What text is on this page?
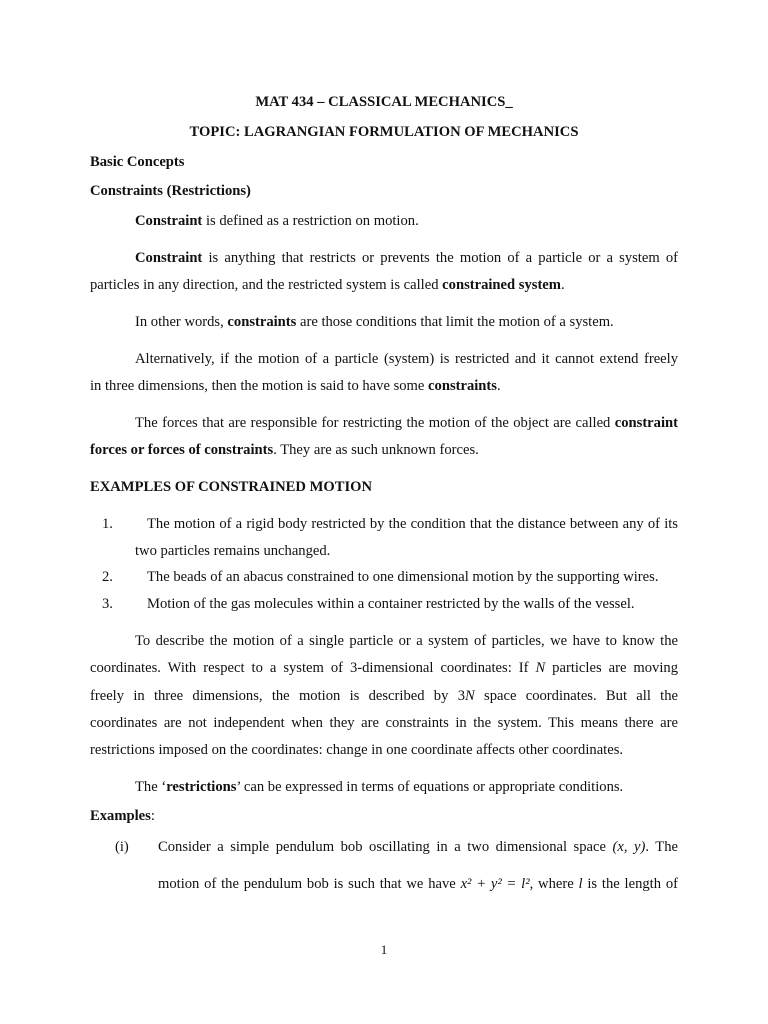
MAT 434 – CLASSICAL MECHANICS_
TOPIC: LAGRANGIAN FORMULATION OF MECHANICS
Basic Concepts
Constraints (Restrictions)
Constraint is defined as a restriction on motion.
Constraint is anything that restricts or prevents the motion of a particle or a system of
particles in any direction, and the restricted system is called constrained system.
In other words, constraints are those conditions that limit the motion of a system.
Alternatively, if the motion of a particle (system) is restricted and it cannot extend freely
in three dimensions, then the motion is said to have some constraints.
The forces that are responsible for restricting the motion of the object are called constraint
forces or forces of constraints. They are as such unknown forces.
EXAMPLES OF CONSTRAINED MOTION
1. The motion of a rigid body restricted by the condition that the distance between any of its
two particles remains unchanged.
2. The beads of an abacus constrained to one dimensional motion by the supporting wires.
3. Motion of the gas molecules within a container restricted by the walls of the vessel.
To describe the motion of a single particle or a system of particles, we have to know the
coordinates. With respect to a system of 3-dimensional coordinates: If N particles are moving
freely in three dimensions, the motion is described by 3N space coordinates. But all the
coordinates are not independent when they are constraints in the system. This means there are
restrictions imposed on the coordinates: change in one coordinate affects other coordinates.
The ‘restrictions’ can be expressed in terms of equations or appropriate conditions.
Examples:
(i)	Consider a simple pendulum bob oscillating in a two dimensional space (x, y). The
motion of the pendulum bob is such that we have x² + y² = l², where l is the length of
1
